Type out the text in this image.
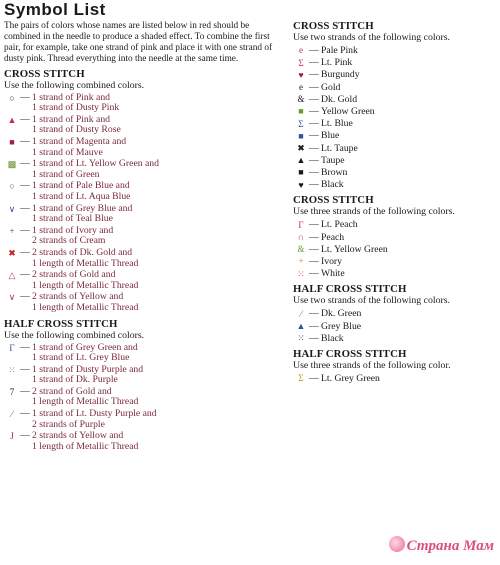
Symbol List

The pairs of colors whose names are listed below in red should be combined in the needle to produce a shaded effect. To combine the first pair, for example, take one strand of pink and place it with one strand of dusty pink. Thread everything into the needle at the same time.

CROSS STITCH
Use the following combined colors.
○ — 1 strand of Pink and
1 strand of Dusty Pink
▲ — 1 strand of Pink and
1 strand of Dusty Rose
■ — 1 strand of Magenta and
1 strand of Mauve
▩ — 1 strand of Lt. Yellow Green and
1 strand of Green
○ — 1 strand of Pale Blue and
1 strand of Lt. Aqua Blue
∨ — 1 strand of Grey Blue and
1 strand of Teal Blue
+ — 1 strand of Ivory and
2 strands of Cream
✖ — 2 strands of Dk. Gold and
1 length of Metallic Thread
△ — 2 strands of Gold and
1 length of Metallic Thread
∨ — 2 strands of Yellow and
1 length of Metallic Thread
HALF CROSS STITCH
Use the following combined colors.
Γ — 1 strand of Grey Green and
1 strand of Lt. Grey Blue
⁙ — 1 strand of Dusty Purple and
1 strand of Dk. Purple
7 — 2 strand of Gold and
1 length of Metallic Thread
⁄ — 1 strand of Lt. Dusty Purple and
2 strands of Purple
J — 2 strands of Yellow and
1 length of Metallic Thread
CROSS STITCH
Use two strands of the following colors.
e — Pale Pink
Σ — Lt. Pink
♥ — Burgundy
e — Gold
& — Dk. Gold
■ — Yellow Green
Σ — Lt. Blue
■ — Blue
✖ — Lt. Taupe
▲ — Taupe
■ — Brown
♥ — Black
CROSS STITCH
Use three strands of the following colors.
Γ — Lt. Peach
∩ — Peach
& — Lt. Yellow Green
+ — Ivory
⁙ — White
HALF CROSS STITCH
Use two strands of the following colors.
⁄ — Dk. Green
▲ — Grey Blue
⁙ — Black
HALF CROSS STITCH
Use three strands of the following color.
Σ — Lt. Grey Green
Страна Мам
